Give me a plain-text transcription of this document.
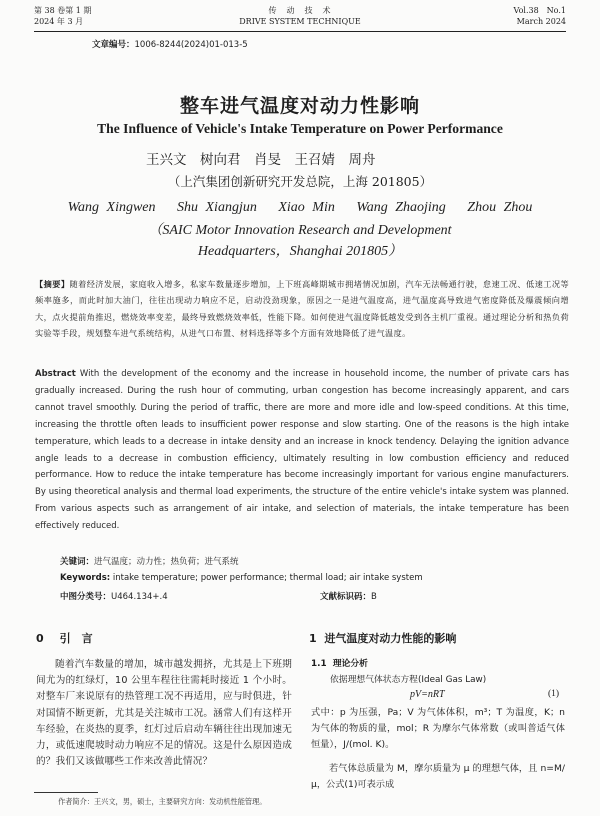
第 38 卷第 1 期
2024 年 3 月
传　动　技　术
DRIVE SYSTEM TECHNIQUE
Vol.38　No.1
March 2024
文章编号：1006-8244(2024)01-013-5
整车进气温度对动力性影响
The Influence of Vehicle's Intake Temperature on Power Performance
王兴文　树向君　肖旻　王召婧　周舟
（上汽集团创新研究开发总院，上海 201805）
Wang Xingwen　 Shu Xiangjun　 Xiao Min　 Wang Zhaojing　 Zhou Zhou
（SAIC Motor Innovation Research and Development
Headquarters，Shanghai 201805）
【摘要】随着经济发展，家庭收入增多，私家车数量逐步增加，上下班高峰期城市拥堵情况加剧，汽车无法畅通行驶，怠速工况、低速工况等频率施多，而此时加大油门，往往出现动力响应不足，启动没劲现象，原因之一是进气温度高，进气温度高导致进气密度降低及爆震倾向增大，点火提前角推迟，燃烧效率变差，最终导致燃烧效率低，性能下降。如何使进气温度降低越发受到各主机厂重视。通过理论分析和热负荷实验等手段，规划整车进气系统结构，从进气口布置、材料选择等多个方面有效地降低了进气温度。
Abstract With the development of the economy and the increase in household income, the number of private cars has gradually increased. During the rush hour of commuting, urban congestion has become increasingly apparent, and cars cannot travel smoothly. During the period of traffic, there are more and more idle and low-speed conditions. At this time, increasing the throttle often leads to insufficient power response and slow starting. One of the reasons is the high intake temperature, which leads to a decrease in intake density and an increase in knock tendency. Delaying the ignition advance angle leads to a decrease in combustion efficiency, ultimately resulting in low combustion efficiency and reduced performance. How to reduce the intake temperature has become increasingly important for various engine manufacturers. By using theoretical analysis and thermal load experiments, the structure of the entire vehicle's intake system was planned. From various aspects such as arrangement of air intake, and selection of materials, the intake temperature has been effectively reduced.
关键词：进气温度；动力性；热负荷；进气系统
Keywords: intake temperature; power performance; thermal load; air intake system
中图分类号：U464.134+.4	文献标识码：B
0 引　言
随着汽车数量的增加，城市越发拥挤，尤其是上下班期间尤为的红绿灯，10 公里车程往往需耗时接近 1 个小时。对整车厂来说原有的热管理工况不再适用，应与时俱进，针对国情不断更新，尤其是关注城市工况。涵常人们有这样开车经验，在炎热的夏季，红灯过后启动车辆往往出现加速无力，或低速爬坡时动力响应不足的情况。这是什么原因造成的？我们又该做哪些工作来改善此情况？
1 进气温度对动力性能的影响
1.1 理论分析
依据理想气体状态方程(Ideal Gas Law)
pV=nRT	(1)

式中：p 为压强，Pa；V 为气体体积，m³；T 为温度，K；n 为气体的物质的量，mol；R 为摩尔气体常数（或叫普适气体恒量），J/(mol. K)。

若气体总质量为 M，摩尔质量为 μ 的理想气体，且 n=M/μ，公式(1)可表示成

作者简介：王兴文，男，硕士，主要研究方向：发动机性能管理。
